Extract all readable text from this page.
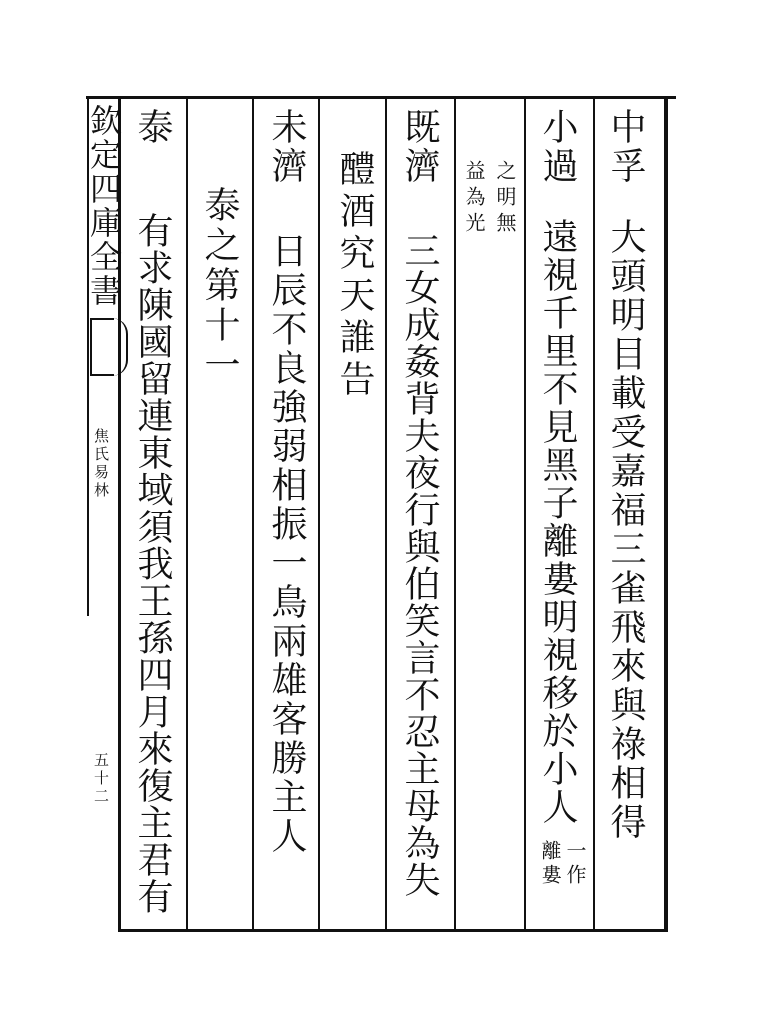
欽定四庫全書
焦氏易林
五十二
中孚
大頭明目載受嘉福三雀飛來與祿相得
小過
遠視千里不見黑子離婁明視移於小人
一作
離婁
之明無
益為光
既濟
三女成姦背夫夜行與伯笑言不忍主母為失
醴酒究天誰告
未濟
日辰不良強弱相振一鳥兩雄客勝主人
泰之第十一
泰
有求陳國留連東域須我王孫四月來復主君有
